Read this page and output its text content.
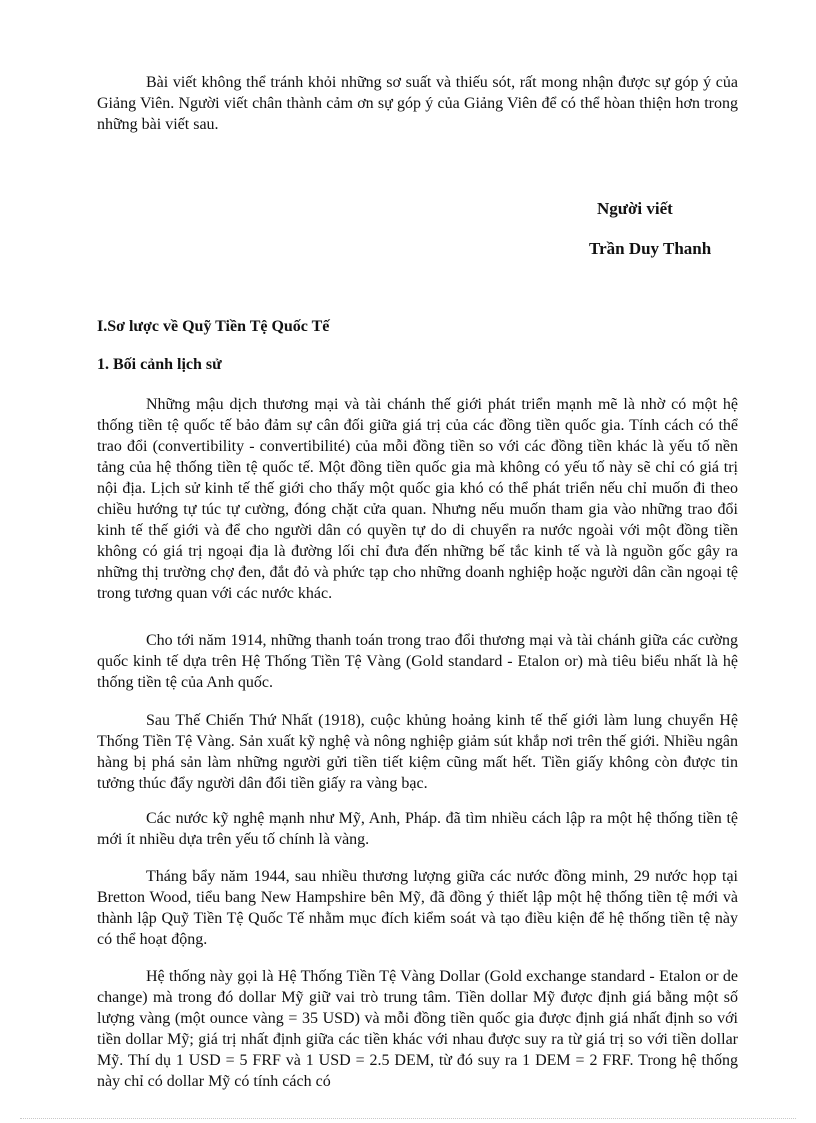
Bài viết không thể tránh khỏi những sơ suất và thiếu sót, rất mong nhận được sự góp ý của Giảng Viên. Người viết chân thành cảm ơn sự góp ý của Giảng Viên để có thể hòan thiện hơn trong những bài viết sau.

Người viết

Trần Duy Thanh

I.Sơ lược về Quỹ Tiền Tệ Quốc Tế

1. Bối cảnh lịch sử

Những mậu dịch thương mại và tài chánh thế giới phát triển mạnh mẽ là nhờ có một hệ thống tiền tệ quốc tế bảo đảm sự cân đối giữa giá trị của các đồng tiền quốc gia. Tính cách có thể trao đổi (convertibility - convertibilité) của mỗi đồng tiền so với các đồng tiền khác là yếu tố nền tảng của hệ thống tiền tệ quốc tế. Một đồng tiền quốc gia mà không có yếu tố này sẽ chỉ có giá trị nội địa. Lịch sử kinh tế thế giới cho thấy một quốc gia khó có thể phát triển nếu chỉ muốn đi theo chiều hướng tự túc tự cường, đóng chặt cửa quan. Nhưng nếu muốn tham gia vào những trao đổi kinh tế thế giới và để cho người dân có quyền tự do di chuyển ra nước ngoài với một đồng tiền không có giá trị ngoại địa là đường lối chỉ đưa đến những bế tắc kinh tế và là nguồn gốc gây ra những thị trường chợ đen, đắt đỏ và phức tạp cho những doanh nghiệp hoặc người dân cần ngoại tệ trong tương quan với các nước khác.

Cho tới năm 1914, những thanh toán trong trao đổi thương mại và tài chánh giữa các cường quốc kinh tế dựa trên Hệ Thống Tiền Tệ Vàng (Gold standard - Etalon or) mà tiêu biểu nhất là hệ thống tiền tệ của Anh quốc.

Sau Thế Chiến Thứ Nhất (1918), cuộc khủng hoảng kinh tế thế giới làm lung chuyển Hệ Thống Tiền Tệ Vàng. Sản xuất kỹ nghệ và nông nghiệp giảm sút khắp nơi trên thế giới. Nhiều ngân hàng bị phá sản làm những người gửi tiền tiết kiệm cũng mất hết. Tiền giấy không còn được tin tưởng thúc đẩy người dân đổi tiền giấy ra vàng bạc.

Các nước kỹ nghệ mạnh như Mỹ, Anh, Pháp. đã tìm nhiều cách lập ra một hệ thống tiền tệ mới ít nhiều dựa trên yếu tố chính là vàng.

Tháng bẩy năm 1944, sau nhiều thương lượng giữa các nước đồng minh, 29 nước họp tại Bretton Wood, tiểu bang New Hampshire bên Mỹ, đã đồng ý thiết lập một hệ thống tiền tệ mới và thành lập Quỹ Tiền Tệ Quốc Tế nhằm mục đích kiểm soát và tạo điều kiện để hệ thống tiền tệ này có thể hoạt động.

Hệ thống này gọi là Hệ Thống Tiền Tệ Vàng Dollar (Gold exchange standard - Etalon or de change) mà trong đó dollar Mỹ giữ vai trò trung tâm. Tiền dollar Mỹ được định giá bằng một số lượng vàng (một ounce vàng = 35 USD) và mỗi đồng tiền quốc gia được định giá nhất định so với tiền dollar Mỹ; giá trị nhất định giữa các tiền khác với nhau được suy ra từ giá trị so với tiền dollar Mỹ. Thí dụ 1 USD = 5 FRF và 1 USD = 2.5 DEM, từ đó suy ra 1 DEM = 2 FRF. Trong hệ thống này chỉ có dollar Mỹ có tính cách có
